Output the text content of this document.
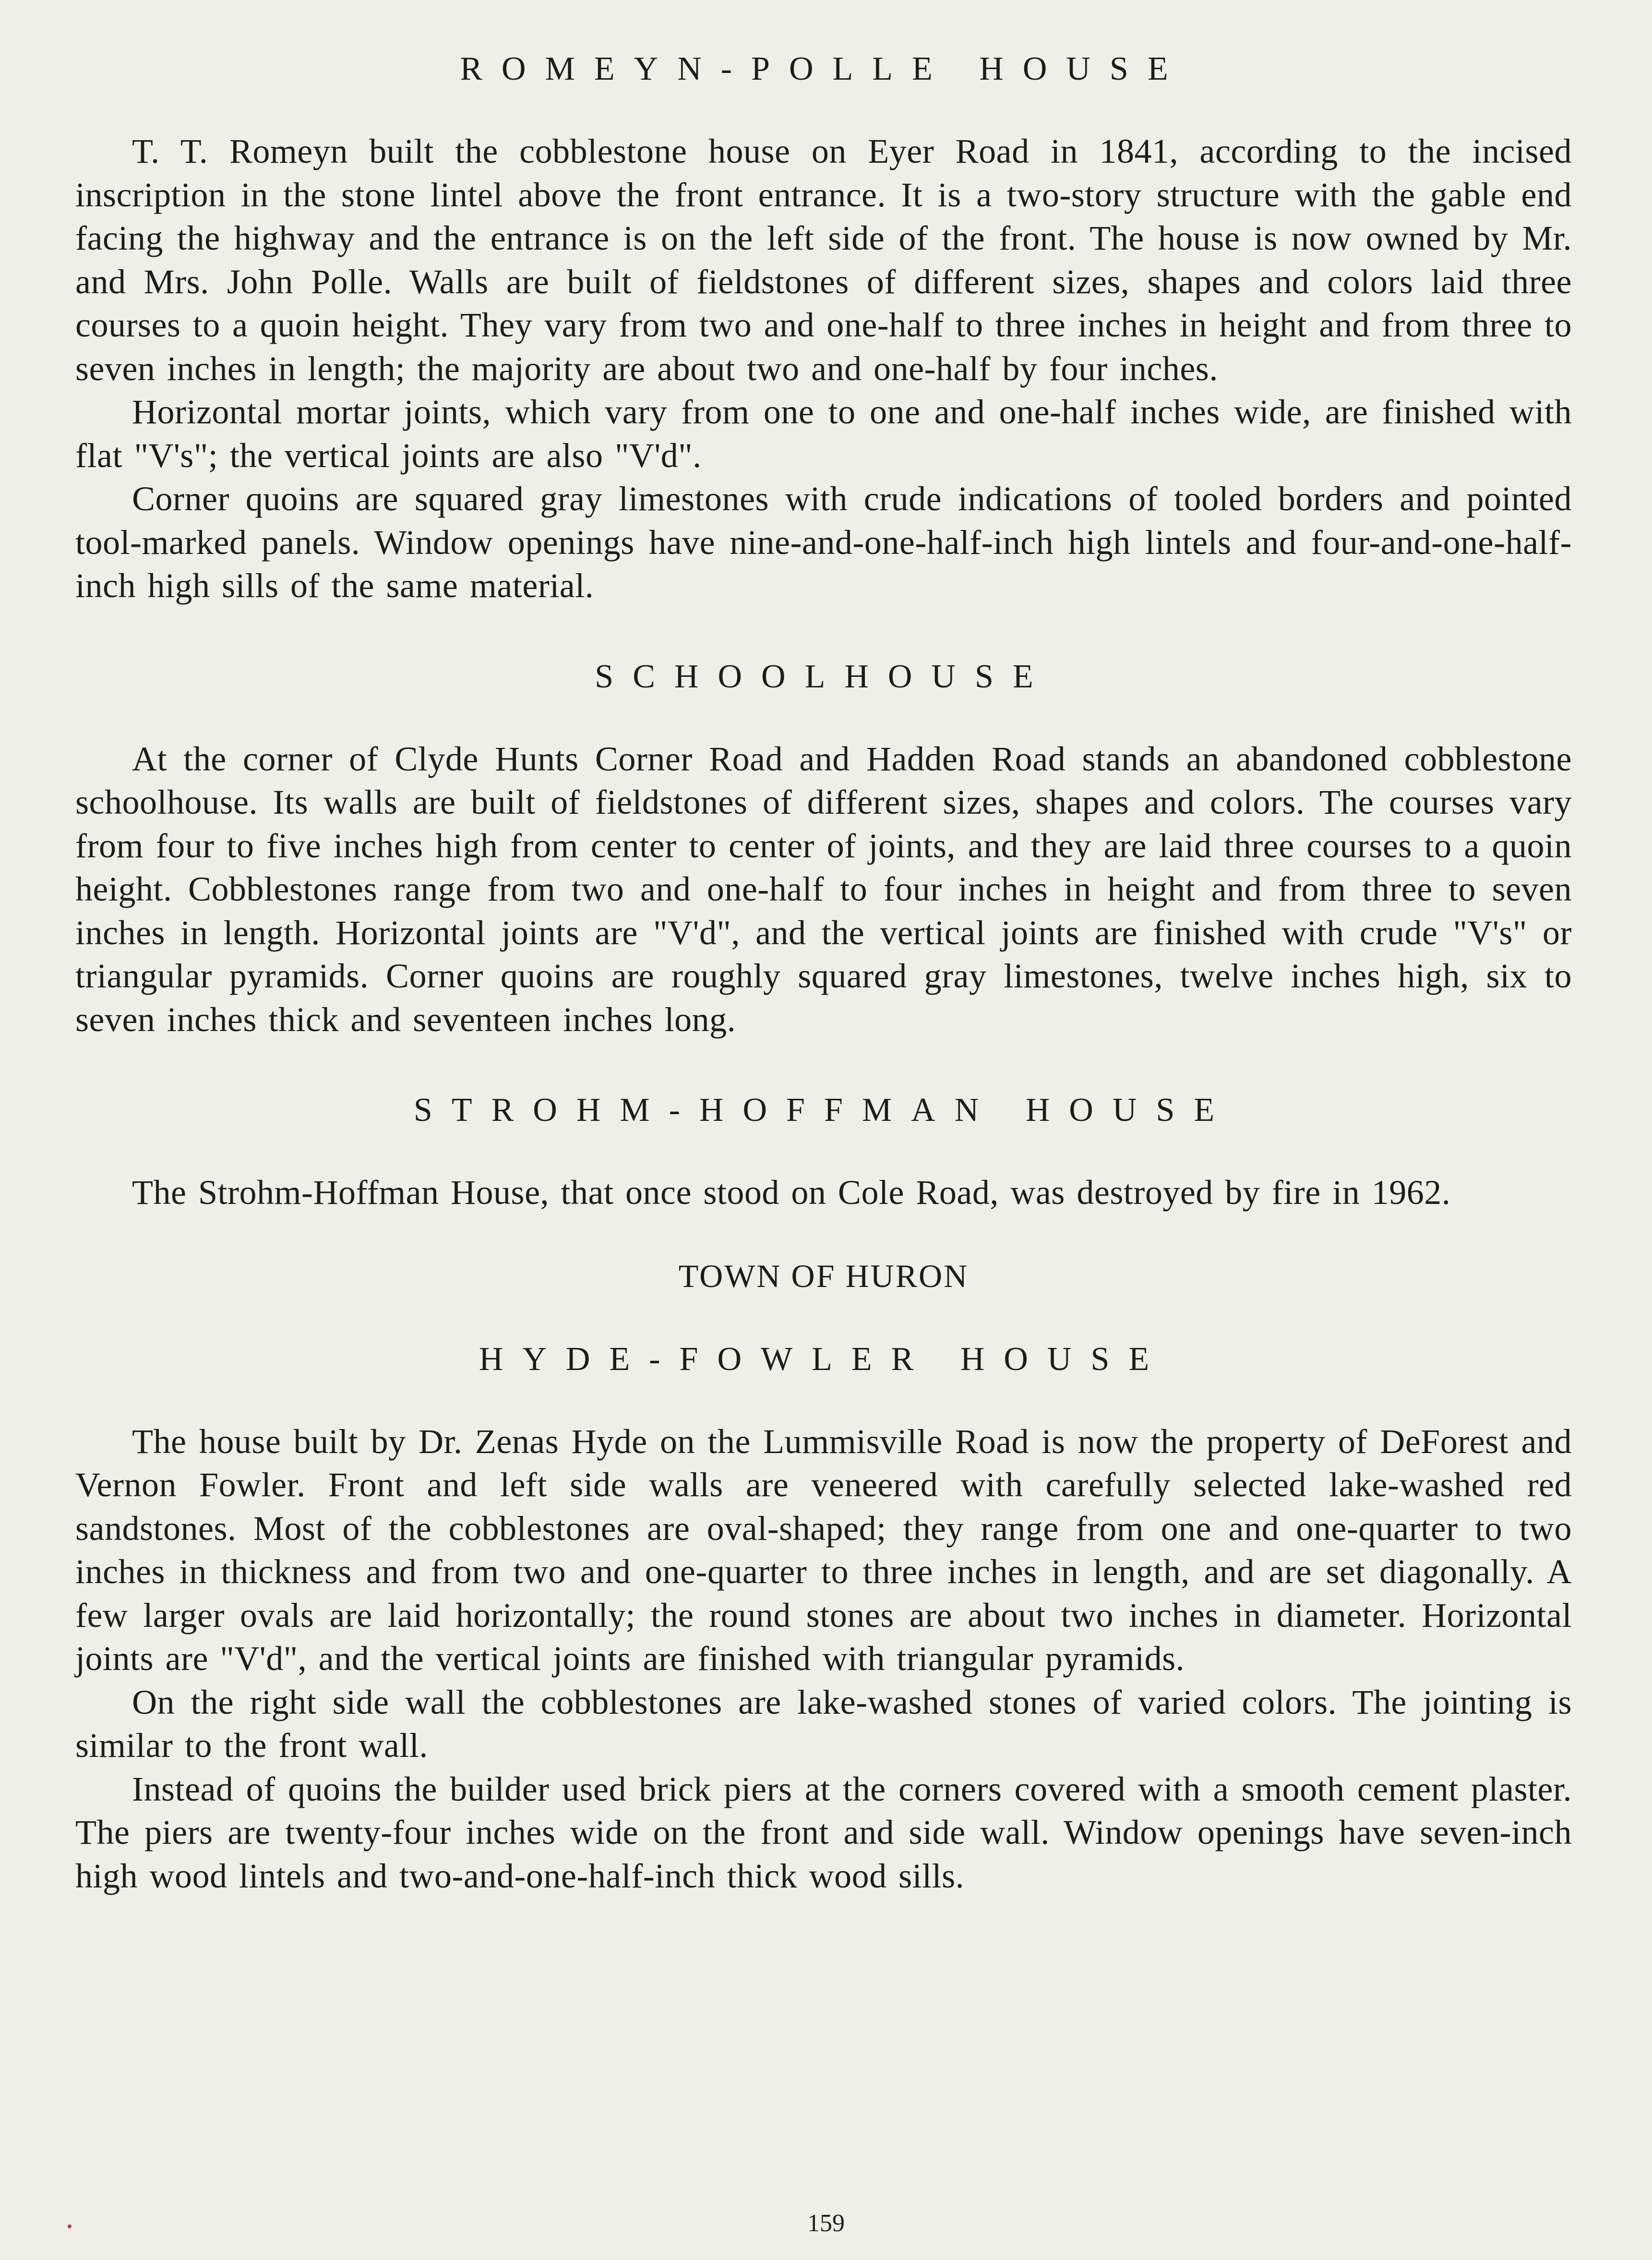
ROMEYN-POLLE HOUSE

T. T. Romeyn built the cobblestone house on Eyer Road in 1841, according to the incised inscription in the stone lintel above the front entrance. It is a two-story structure with the gable end facing the highway and the entrance is on the left side of the front. The house is now owned by Mr. and Mrs. John Polle. Walls are built of fieldstones of different sizes, shapes and colors laid three courses to a quoin height. They vary from two and one-half to three inches in height and from three to seven inches in length; the majority are about two and one-half by four inches.

Horizontal mortar joints, which vary from one to one and one-half inches wide, are finished with flat "V's"; the vertical joints are also "V'd".

Corner quoins are squared gray limestones with crude indications of tooled borders and pointed tool-marked panels. Window openings have nine-and-one-half-inch high lintels and four-and-one-half-inch high sills of the same material.

SCHOOLHOUSE

At the corner of Clyde Hunts Corner Road and Hadden Road stands an abandoned cobblestone schoolhouse. Its walls are built of fieldstones of different sizes, shapes and colors. The courses vary from four to five inches high from center to center of joints, and they are laid three courses to a quoin height. Cobblestones range from two and one-half to four inches in height and from three to seven inches in length. Horizontal joints are "V'd", and the vertical joints are finished with crude "V's" or triangular pyramids. Corner quoins are roughly squared gray limestones, twelve inches high, six to seven inches thick and seventeen inches long.

STROHM-HOFFMAN HOUSE

The Strohm-Hoffman House, that once stood on Cole Road, was destroyed by fire in 1962.

TOWN OF HURON
HYDE-FOWLER HOUSE

The house built by Dr. Zenas Hyde on the Lummisville Road is now the property of DeForest and Vernon Fowler. Front and left side walls are veneered with carefully selected lake-washed red sandstones. Most of the cobblestones are oval-shaped; they range from one and one-quarter to two inches in thickness and from two and one-quarter to three inches in length, and are set diagonally. A few larger ovals are laid horizontally; the round stones are about two inches in diameter. Horizontal joints are "V'd", and the vertical joints are finished with triangular pyramids.

On the right side wall the cobblestones are lake-washed stones of varied colors. The jointing is similar to the front wall.

Instead of quoins the builder used brick piers at the corners covered with a smooth cement plaster. The piers are twenty-four inches wide on the front and side wall. Window openings have seven-inch high wood lintels and two-and-one-half-inch thick wood sills.

159
